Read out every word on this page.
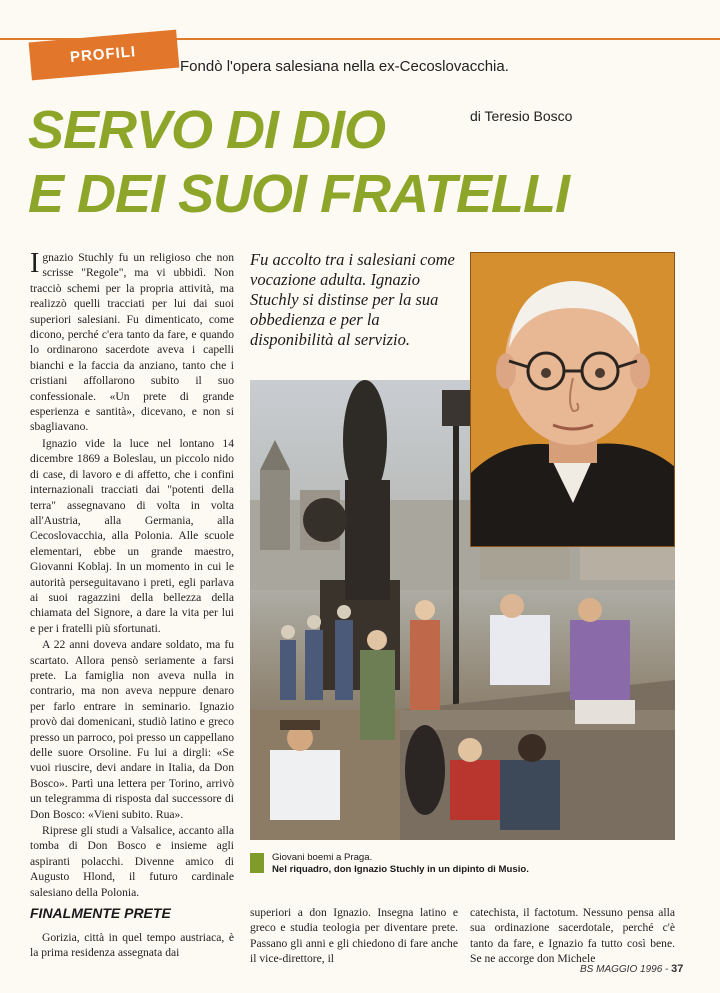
PROFILI
Fondò l'opera salesiana nella ex-Cecoslovacchia.
SERVO DI DIO
E DEI SUOI FRATELLI
di Teresio Bosco

Ignazio Stuchly fu un religioso che non scrisse "Regole", ma vi ubbidì. Non tracciò schemi per la propria attività, ma realizzò quelli tracciati per lui dai suoi superiori salesiani. Fu dimenticato, come dicono, perché c'era tanto da fare, e quando lo ordinarono sacerdote aveva i capelli bianchi e la faccia da anziano, tanto che i cristiani affollarono subito il suo confessionale. «Un prete di grande esperienza e santità», dicevano, e non si sbagliavano.

Ignazio vide la luce nel lontano 14 dicembre 1869 a Boleslau, un piccolo nido di case, di lavoro e di affetto, che i confini internazionali tracciati dai "potenti della terra" assegnavano di volta in volta all'Austria, alla Germania, alla Cecoslovacchia, alla Polonia. Alle scuole elementari, ebbe un grande maestro, Giovanni Koblaj. In un momento in cui le autorità perseguitavano i preti, egli parlava ai suoi ragazzini della bellezza della chiamata del Signore, a dare la vita per lui e per i fratelli più sfortunati.

A 22 anni doveva andare soldato, ma fu scartato. Allora pensò seriamente a farsi prete. La famiglia non aveva nulla in contrario, ma non aveva neppure denaro per farlo entrare in seminario. Ignazio provò dai domenicani, studiò latino e greco presso un parroco, poi presso un cappellano delle suore Orsoline. Fu lui a dirgli: «Se vuoi riuscire, devi andare in Italia, da Don Bosco». Partì una lettera per Torino, arrivò un telegramma di risposta dal successore di Don Bosco: «Vieni subito. Rua».

Riprese gli studi a Valsalice, accanto alla tomba di Don Bosco e insieme agli aspiranti polacchi. Divenne amico di Augusto Hlond, il futuro cardinale salesiano della Polonia.

Fu accolto tra i salesiani come vocazione adulta. Ignazio Stuchly si distinse per la sua obbedienza e per la disponibilità al servizio.
Giovani boemi a Praga.
Nel riquadro, don Ignazio Stuchly in un dipinto di Musio.
FINALMENTE PRETE
Gorizia, città in quel tempo austriaca, è la prima residenza assegnata dai
superiori a don Ignazio. Insegna latino e greco e studia teologia per diventare prete. Passano gli anni e gli chiedono di fare anche il vice-direttore, il
catechista, il factotum. Nessuno pensa alla sua ordinazione sacerdotale, perché c'è tanto da fare, e Ignazio fa tutto così bene. Se ne accorge don Michele
BS MAGGIO 1996 - 37
